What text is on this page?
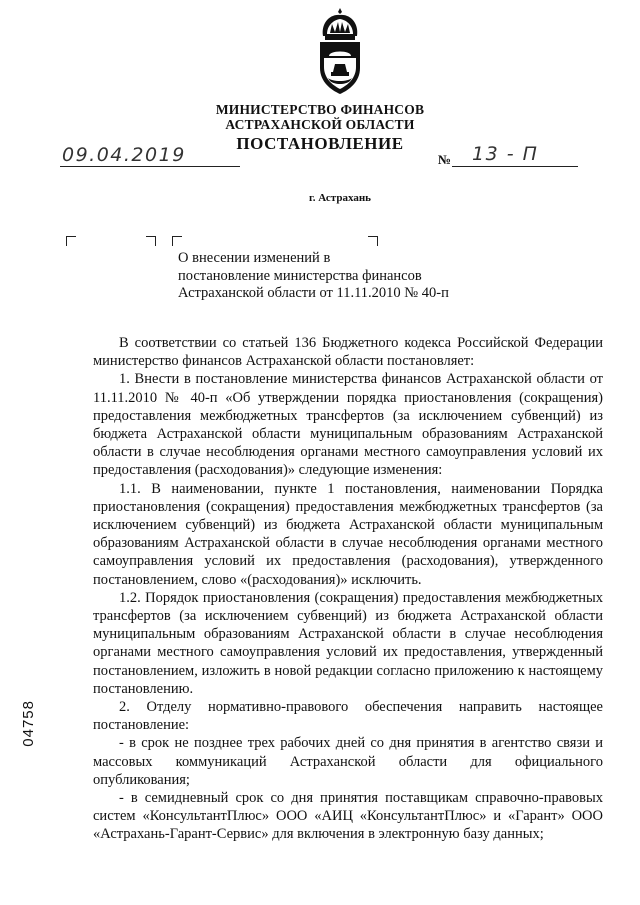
МИНИСТЕРСТВО ФИНАНСОВ
АСТРАХАНСКОЙ ОБЛАСТИ
ПОСТАНОВЛЕНИЕ
09.04.2019	№ 13 - П
г. Астрахань
О внесении изменений в
постановление министерства финансов
Астраханской области от 11.11.2010 № 40-п
04758

В соответствии со статьей 136 Бюджетного кодекса Российской Федерации министерство финансов Астраханской области постановляет:

1. Внести в постановление министерства финансов Астраханской области от 11.11.2010 № 40-п «Об утверждении порядка приостановления (сокращения) предоставления межбюджетных трансфертов (за исключением субвенций) из бюджета Астраханской области муниципальным образованиям Астраханской области в случае несоблюдения органами местного самоуправления условий их предоставления (расходования)» следующие изменения:

1.1. В наименовании, пункте 1 постановления, наименовании Порядка приостановления (сокращения) предоставления межбюджетных трансфертов (за исключением субвенций) из бюджета Астраханской области муниципальным образованиям Астраханской области в случае несоблюдения органами местного самоуправления условий их предоставления (расходования), утвержденного постановлением, слово «(расходования)» исключить.

1.2. Порядок приостановления (сокращения) предоставления межбюджетных трансфертов (за исключением субвенций) из бюджета Астраханской области муниципальным образованиям Астраханской области в случае несоблюдения органами местного самоуправления условий их предоставления, утвержденный постановлением, изложить в новой редакции согласно приложению к настоящему постановлению.

2. Отделу нормативно-правового обеспечения направить настоящее постановление:

- в срок не позднее трех рабочих дней со дня принятия в агентство связи и массовых коммуникаций Астраханской области для официального опубликования;

- в семидневный срок со дня принятия поставщикам справочно-правовых систем «КонсультантПлюс» ООО «АИЦ «КонсультантПлюс» и «Гарант» ООО «Астрахань-Гарант-Сервис» для включения в электронную базу данных;
